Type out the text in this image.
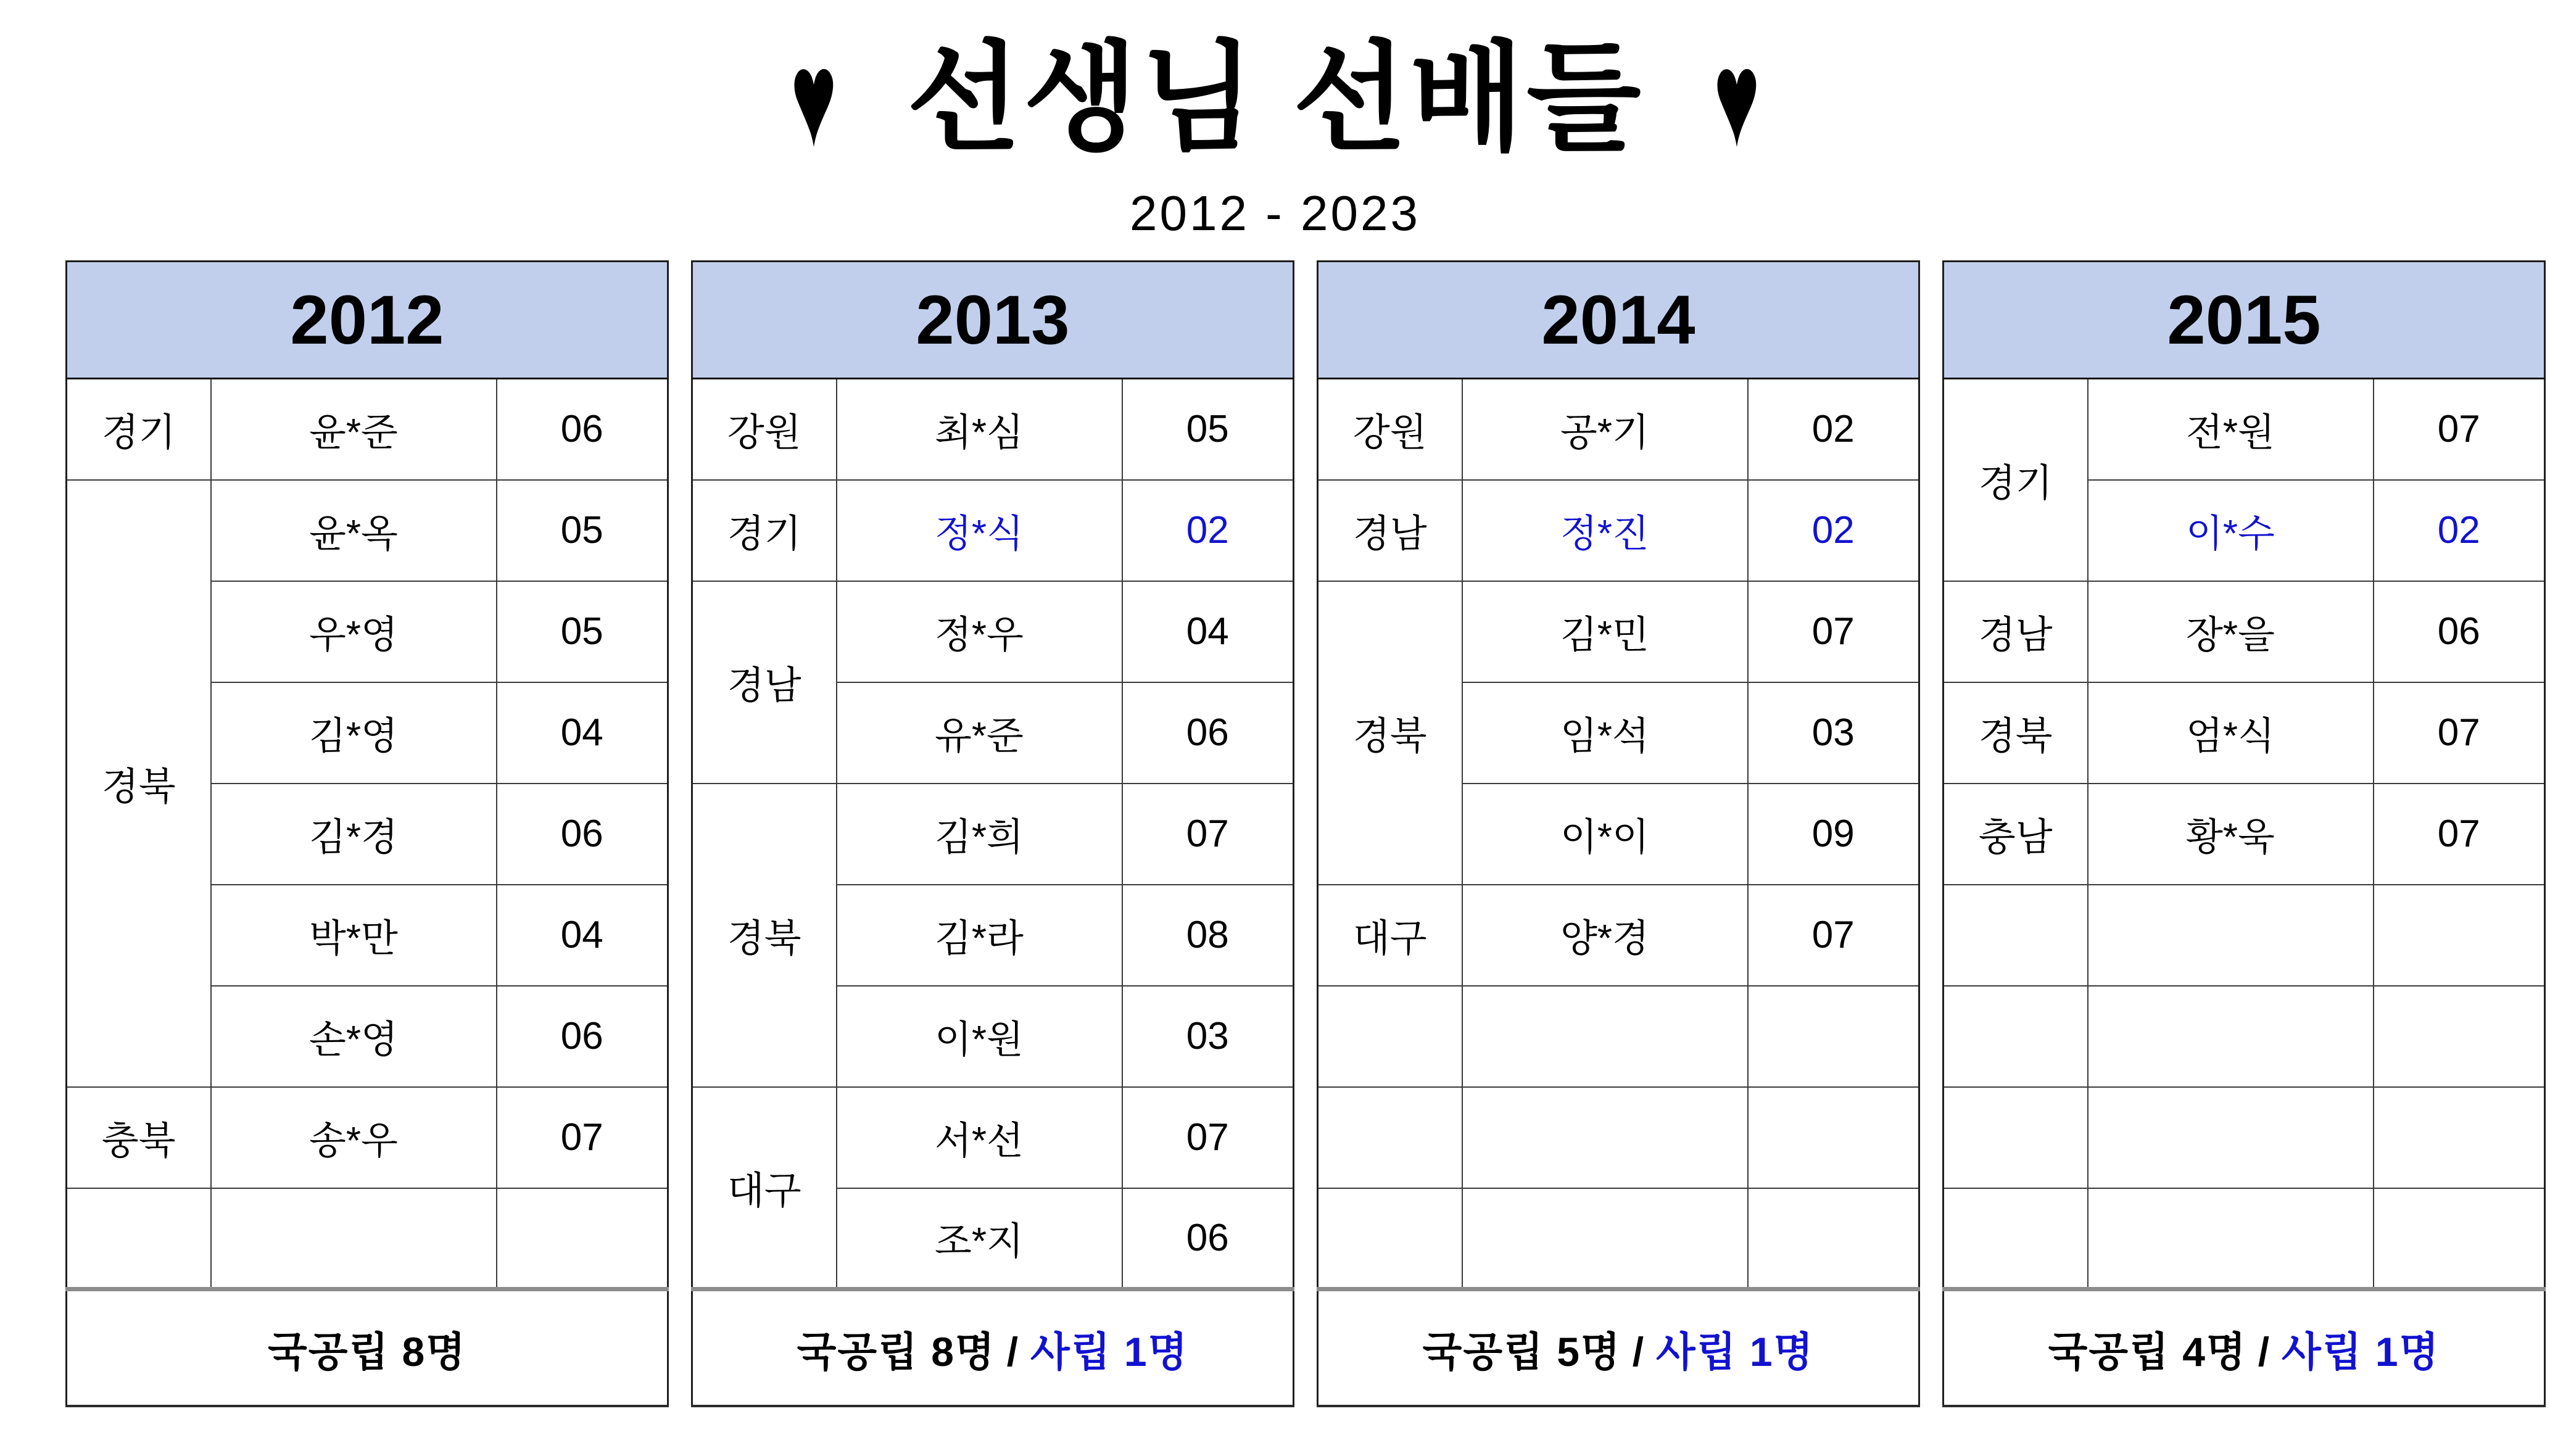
♥ 선생님 선배들 ♥
2012 - 2023
2012		
경기	윤*준	06
경북	윤*옥	05
	우*영	05
	김*영	04
	김*경	06
	박*만	04
	손*영	06
충북	송*우	07

국공립 8명		
2013		
강원	최*심	05
경기	정*식	02
경남	정*우	04
	유*준	06
경북	김*희	07
	김*라	08
	이*원	03
대구	서*선	07
	조*지	06
국공립 8명 / 사립 1명		
2014		
강원	공*기	02
경남	정*진	02
경북	김*민	07
	임*석	03
	이*이	09
대구	양*경	07

국공립 5명 / 사립 1명		
2015		
경기	전*원	07
	이*수	02
경남	장*을	06
경북	엄*식	07
충남	황*욱	07

국공립 4명 / 사립 1명		
